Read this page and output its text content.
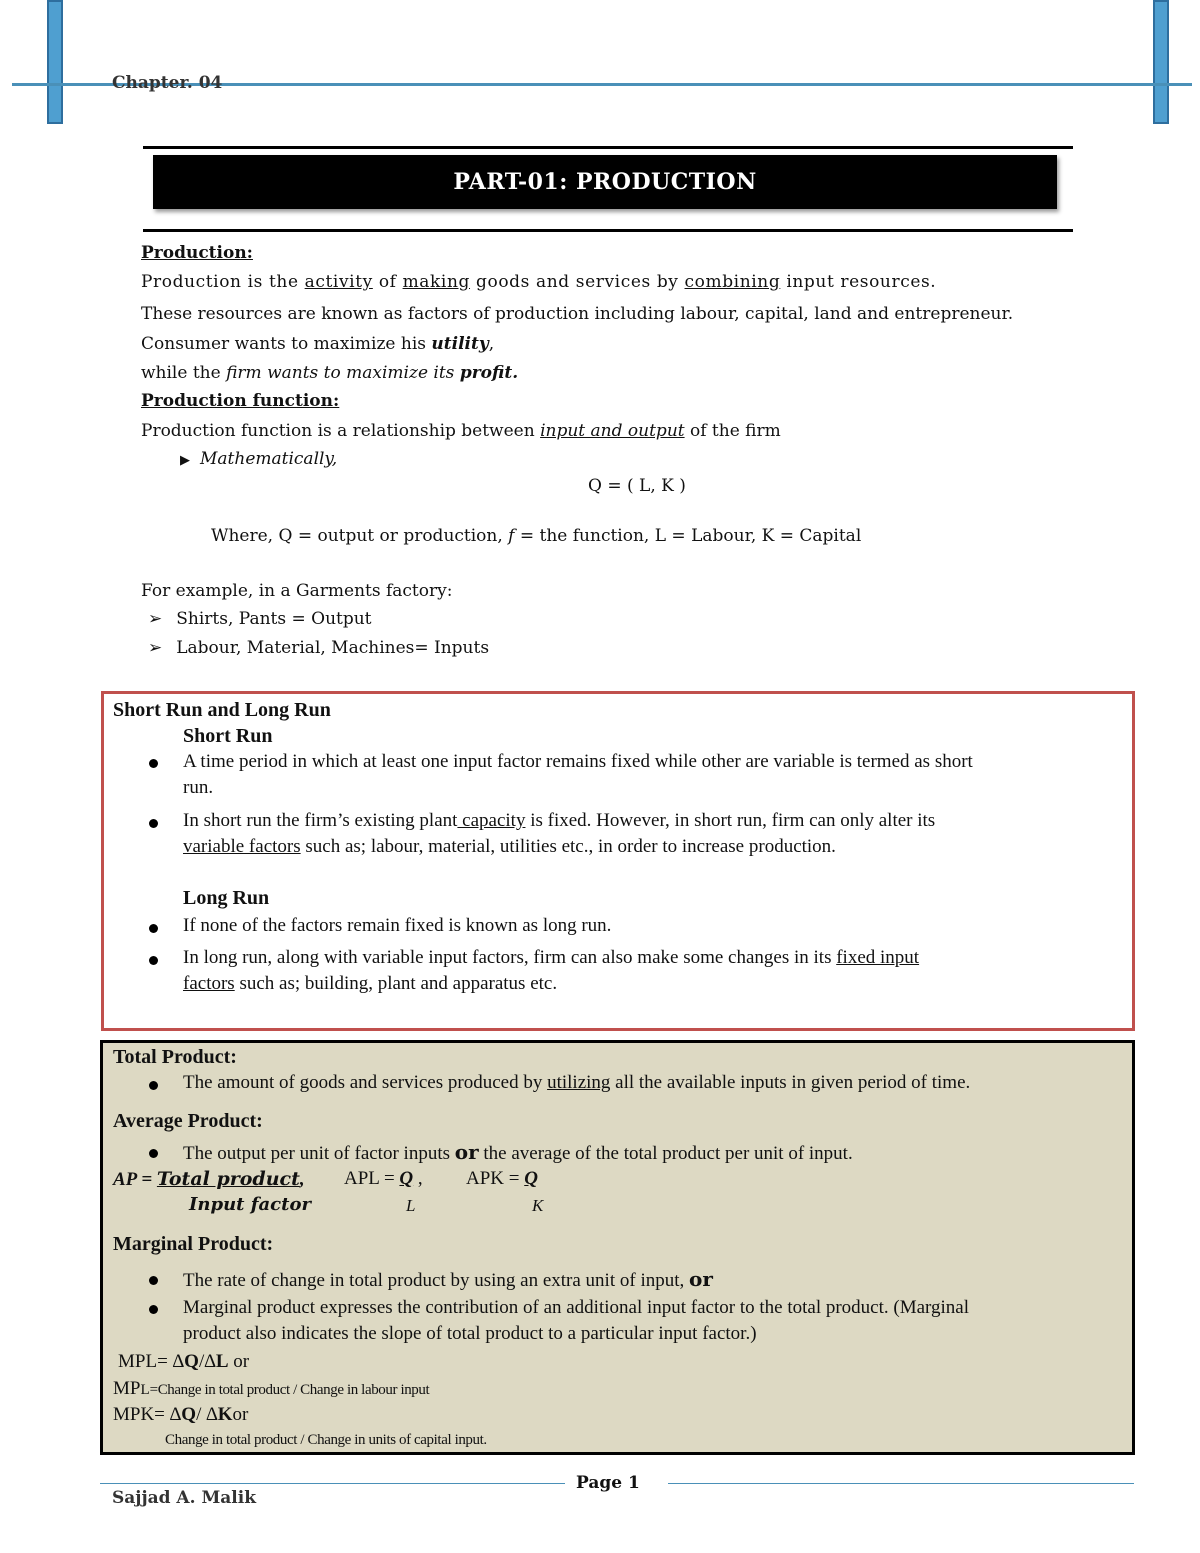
Chapter. 04
PART-01: PRODUCTION
Production:
Production is the activity of making goods and services by combining input resources.
These resources are known as factors of production including labour, capital, land and entrepreneur.
Consumer wants to maximize his utility,
while the firm wants to maximize its profit.
Production function:
Production function is a relationship between input and output of the firm
▶ Mathematically,
Q = ( L, K )
Where, Q = output or production, f = the function, L = Labour, K = Capital
For example, in a Garments factory:
➢ Shirts, Pants = Output
➢ Labour, Material, Machines= Inputs
Short Run and Long Run
Short Run
A time period in which at least one input factor remains fixed while other are variable is termed as short
run.
In short run the firm’s existing plant capacity is fixed. However, in short run, firm can only alter its
variable factors such as; labour, material, utilities etc., in order to increase production.
Long Run
If none of the factors remain fixed is known as long run.
In long run, along with variable input factors, firm can also make some changes in its fixed input
factors such as; building, plant and apparatus etc.
Total Product:
The amount of goods and services produced by utilizing all the available inputs in given period of time.
Average Product:
The output per unit of factor inputs or the average of the total product per unit of input.
AP = Total product, APL = Q , APK = Q
Input factor	L	K
Marginal Product:
The rate of change in total product by using an extra unit of input, or
Marginal product expresses the contribution of an additional input factor to the total product. (Marginal
product also indicates the slope of total product to a particular input factor.)
MPL= ∆Q/∆L or
MPL=Change in total product / Change in labour input
MPK= ∆Q/ ∆Kor
Change in total product / Change in units of capital input.
Page 1
Sajjad A. Malik
